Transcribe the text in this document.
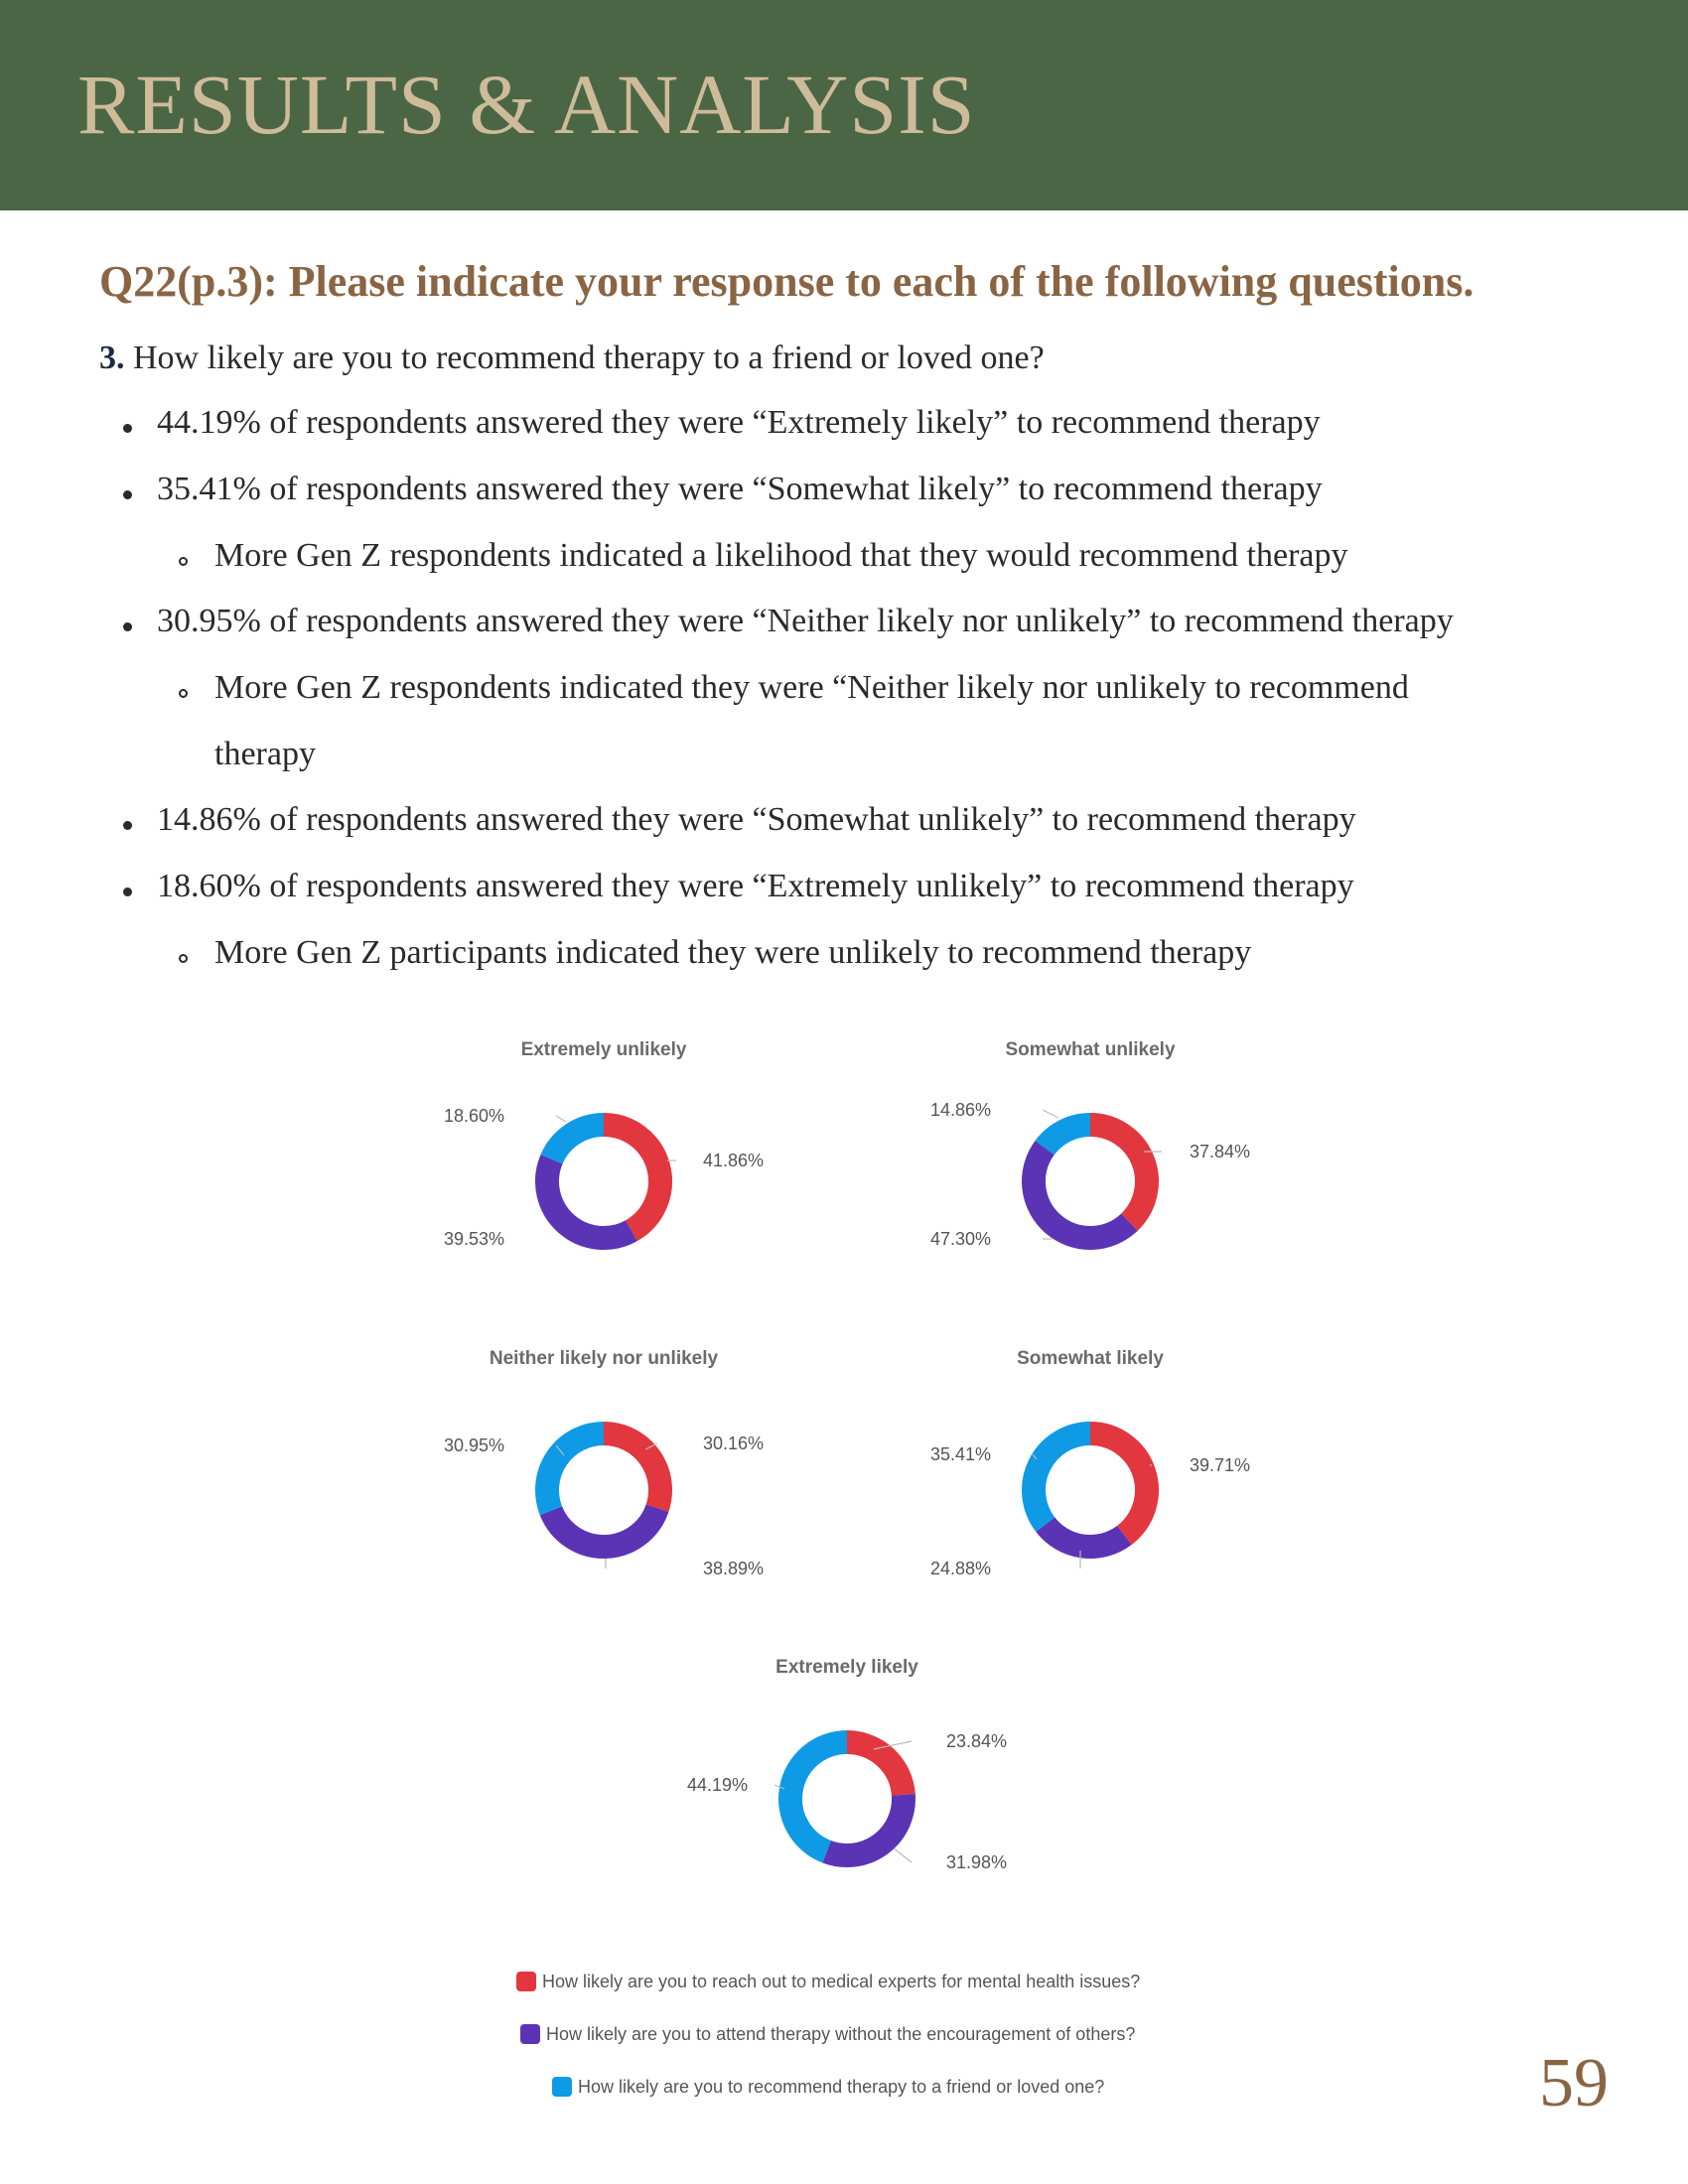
RESULTS & ANALYSIS
Q22(p.3): Please indicate your response to each of the following questions.
3. How likely are you to recommend therapy to a friend or loved one?
44.19% of respondents answered they were “Extremely likely” to recommend therapy
35.41% of respondents answered they were “Somewhat likely” to recommend therapy
More Gen Z respondents indicated a likelihood that they would recommend therapy
30.95% of respondents answered they were “Neither likely nor unlikely” to recommend therapy
More Gen Z respondents indicated they were “Neither likely nor unlikely to recommend
therapy
14.86% of respondents answered they were “Somewhat unlikely” to recommend therapy
18.60% of respondents answered they were “Extremely unlikely” to recommend therapy
More Gen Z participants indicated they were unlikely to recommend therapy
Extremely unlikely
41.86%
39.53%
18.60%
Somewhat unlikely
37.84%
47.30%
14.86%
Neither likely nor unlikely
30.16%
38.89%
30.95%
Somewhat likely
39.71%
24.88%
35.41%
Extremely likely
23.84%
31.98%
44.19%
How likely are you to reach out to medical experts for mental health issues?
How likely are you to attend therapy without the encouragement of others?
How likely are you to recommend therapy to a friend or loved one?	59
